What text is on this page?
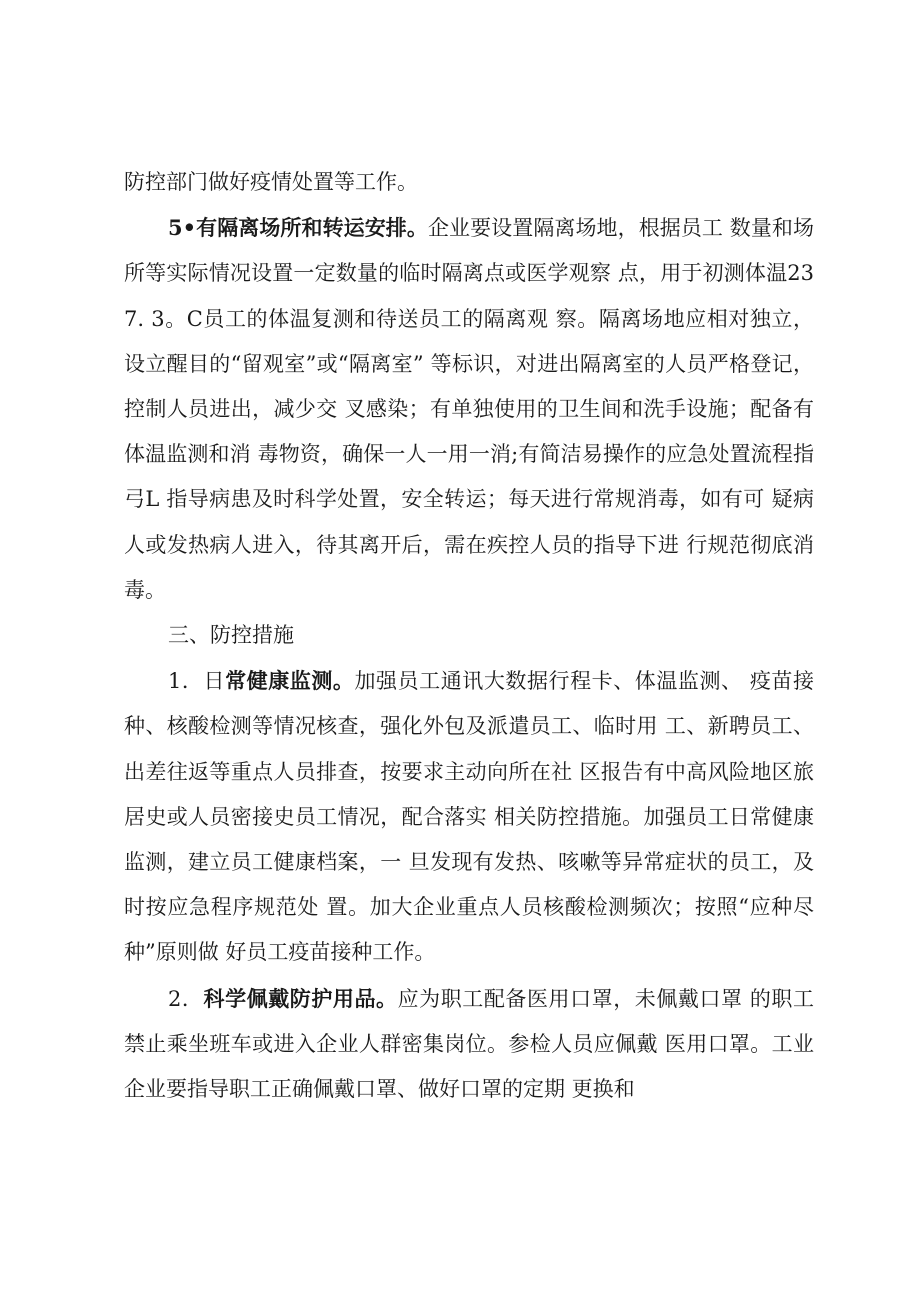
防控部门做好疫情处置等工作。

5•有隔离场所和转运安排。企业要设置隔离场地，根据员工 数量和场所等实际情况设置一定数量的临时隔离点或医学观察 点，用于初测体温237. 3。C员工的体温复测和待送员工的隔离观 察。隔离场地应相对独立，设立醒目的“留观室”或“隔离室” 等标识，对进出隔离室的人员严格登记，控制人员进出，减少交 叉感染；有单独使用的卫生间和洗手设施；配备有体温监测和消 毒物资，确保一人一用一消;有简洁易操作的应急处置流程指弓L 指导病患及时科学处置，安全转运；每天进行常规消毒，如有可 疑病人或发热病人进入，待其离开后，需在疾控人员的指导下进 行规范彻底消毒。

三、防控措施

1．日常健康监测。加强员工通讯大数据行程卡、体温监测、 疫苗接种、核酸检测等情况核查，强化外包及派遣员工、临时用 工、新聘员工、出差往返等重点人员排查，按要求主动向所在社 区报告有中高风险地区旅居史或人员密接史员工情况，配合落实 相关防控措施。加强员工日常健康监测，建立员工健康档案，一 旦发现有发热、咳嗽等异常症状的员工，及时按应急程序规范处 置。加大企业重点人员核酸检测频次；按照“应种尽种”原则做 好员工疫苗接种工作。

2．科学佩戴防护用品。应为职工配备医用口罩，未佩戴口罩 的职工禁止乘坐班车或进入企业人群密集岗位。参检人员应佩戴 医用口罩。工业企业要指导职工正确佩戴口罩、做好口罩的定期 更换和
